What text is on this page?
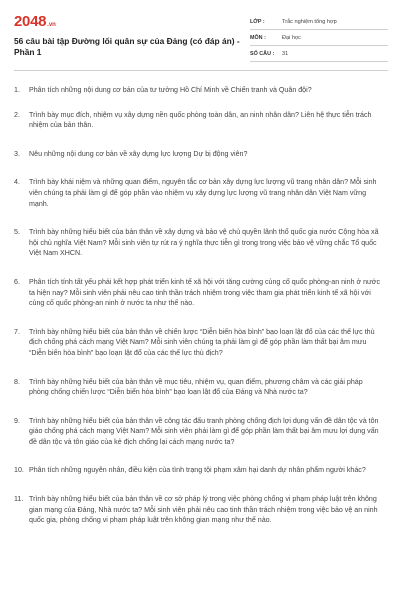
2048 .vn
56 câu bài tập Đường lối quân sự của Đảng (có đáp án) - Phần 1
LỚP :	Trắc nghiệm tổng hợp
MÔN :	Đại học
SỐ CÂU :	31
1.	Phân tích những nội dung cơ bản của tư tưởng Hồ Chí Minh về Chiến tranh và Quân đội?
2.	Trình bày mục đích, nhiệm vụ xây dựng nền quốc phòng toàn dân, an ninh nhân dân? Liên hệ thực tiễn trách nhiệm của bản thân.
3.	Nêu những nội dung cơ bản về xây dựng lực lượng Dự bị động viên?
4.	Trình bày khái niệm và những quan điểm, nguyên tắc cơ bản xây dựng lực lượng vũ trang nhân dân? Mỗi sinh viên chúng ta phải làm gì để góp phần vào nhiệm vụ xây dựng lực lượng vũ trang nhân dân Việt Nam vững mạnh.
5.	Trình bày những hiểu biết của bản thân về xây dựng và bảo vệ chủ quyền lãnh thổ quốc gia nước Cộng hòa xã hội chủ nghĩa Việt Nam? Mỗi sinh viên tự rút ra ý nghĩa thực tiễn gì trong trong việc bảo vệ vững chắc Tổ quốc Việt Nam XHCN.
6.	Phân tích tính tất yếu phải kết hợp phát triển kinh tế xã hội với tăng cường củng cố quốc phòng-an ninh ở nước ta hiện nay? Mỗi sinh viên phải nêu cao tinh thần trách nhiệm trong việc tham gia phát triển kinh tế xã hội với củng cố quốc phòng-an ninh ở nước ta như thế nào.
7.	Trình bày những hiểu biết của bản thân về chiến lược “Diễn biến hòa bình” bạo loạn lật đổ của các thế lực thù địch chống phá cách mạng Việt Nam? Mỗi sinh viên chúng ta phải làm gì để góp phần làm thất bại âm mưu “Diễn biến hòa bình” bạo loạn lật đổ của các thế lực thù địch?
8.	Trình bày những hiểu biết của bản thân về mục tiêu, nhiệm vụ, quan điểm, phương châm và các giải pháp phòng chống chiến lược “Diễn biến hòa bình” bạo loạn lật đổ của Đảng và Nhà nước ta?
9.	Trình bày những hiểu biết của bản thân về công tác đấu tranh phòng chống địch lợi dụng vấn đề dân tộc và tôn giáo chống phá cách mạng Việt Nam? Mỗi sinh viên phải làm gì để góp phần làm thất bại âm mưu lợi dụng vấn đề dân tộc và tôn giáo của kẻ địch chống lại cách mạng nước ta?
10. Phân tích những nguyên nhân, điều kiện của tình trạng tội phạm xâm hại danh dự nhân phẩm người khác?
11. Trình bày những hiểu biết của bản thân về cơ sở pháp lý trong việc phòng chống vi phạm pháp luật trên không gian mạng của Đảng, Nhà nước ta? Mỗi sinh viên phải nêu cao tinh thần trách nhiệm trong việc bảo vệ an ninh quốc gia, phòng chống vi phạm pháp luật trên không gian mạng như thế nào.
